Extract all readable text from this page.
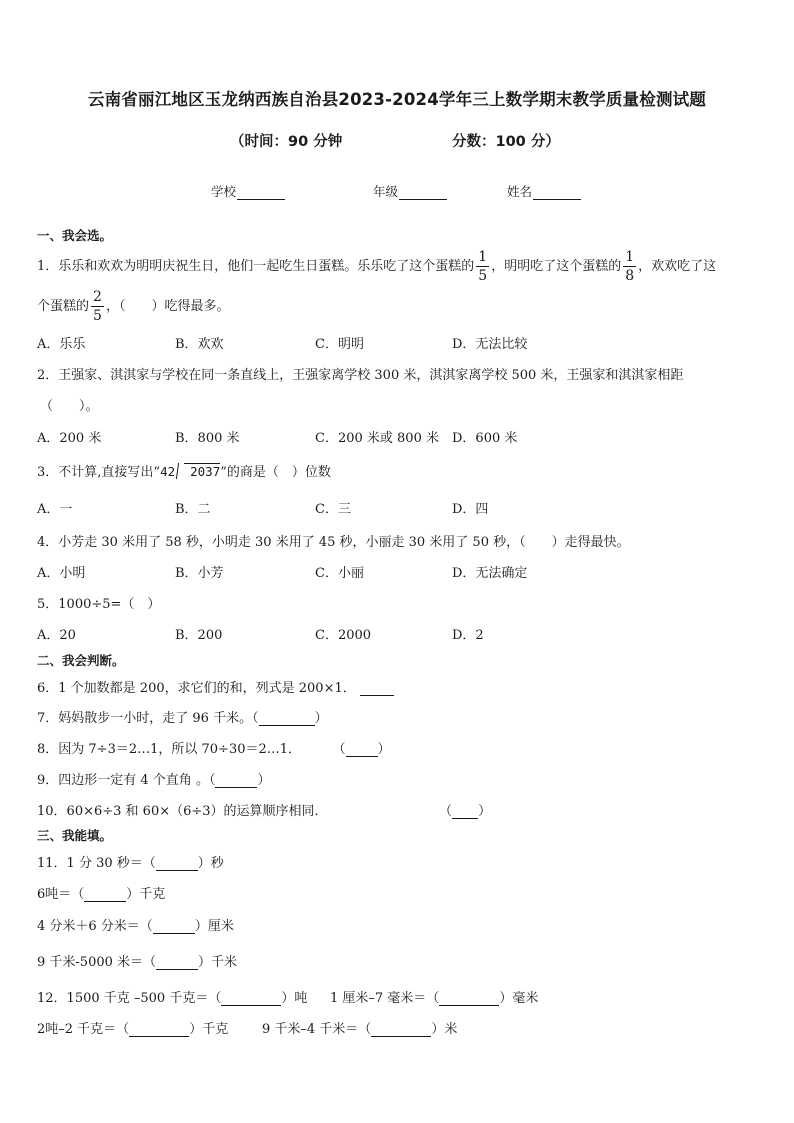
云南省丽江地区玉龙纳西族自治县2023-2024学年三上数学期末教学质量检测试题
（时间：90 分钟	分数：100 分）
学校	年级	姓名
一、我会选。
1．乐乐和欢欢为明明庆祝生日，他们一起吃生日蛋糕。乐乐吃了这个蛋糕的 $\frac{1}{5}$ ，明明吃了这个蛋糕的 $\frac{1}{8}$ ，欢欢吃了这
个蛋糕的 $\frac{2}{5}$ ，（　　）吃得最多。
A．乐乐	B．欢欢	C．明明	D．无法比较
2．王强家、淇淇家与学校在同一条直线上，王强家离学校 300 米，淇淇家离学校 500 米，王强家和淇淇家相距
（　　）。
A．200 米	B．800 米	C．200 米或 800 米 D．600 米
3．不计算,直接写出“42 2037”的商是（　）位数
A．一	B．二	C．三	D．四
4．小芳走 30 米用了 58 秒，小明走 30 米用了 45 秒，小丽走 30 米用了 50 秒，（　　）走得最快。
A．小明	B．小芳	C．小丽	D．无法确定
5．1000÷5=（　）
A．20	B．200	C．2000	D．2
二、我会判断。
6．1 个加数都是 200，求它们的和，列式是 200×1．
7．妈妈散步一小时，走了 96 千米。（	）
8．因为 7÷3＝2…1，所以 70÷30＝2…1．	（ ）
9．四边形一定有 4 个直角 。（	）
10．60×6÷3 和 60×（6÷3）的运算顺序相同．	（ ）
三、我能填。
11．1 分 30 秒＝（	）秒
6吨＝（	）千克
4 分米＋6 分米＝（	）厘米
9 千米-5000 米＝（	）千米
12．1500 千克 –500 千克＝（	）吨 1 厘米–7 毫米＝（	）毫米
2吨–2 千克＝（	）千克	9 千米–4 千米＝（	）米
